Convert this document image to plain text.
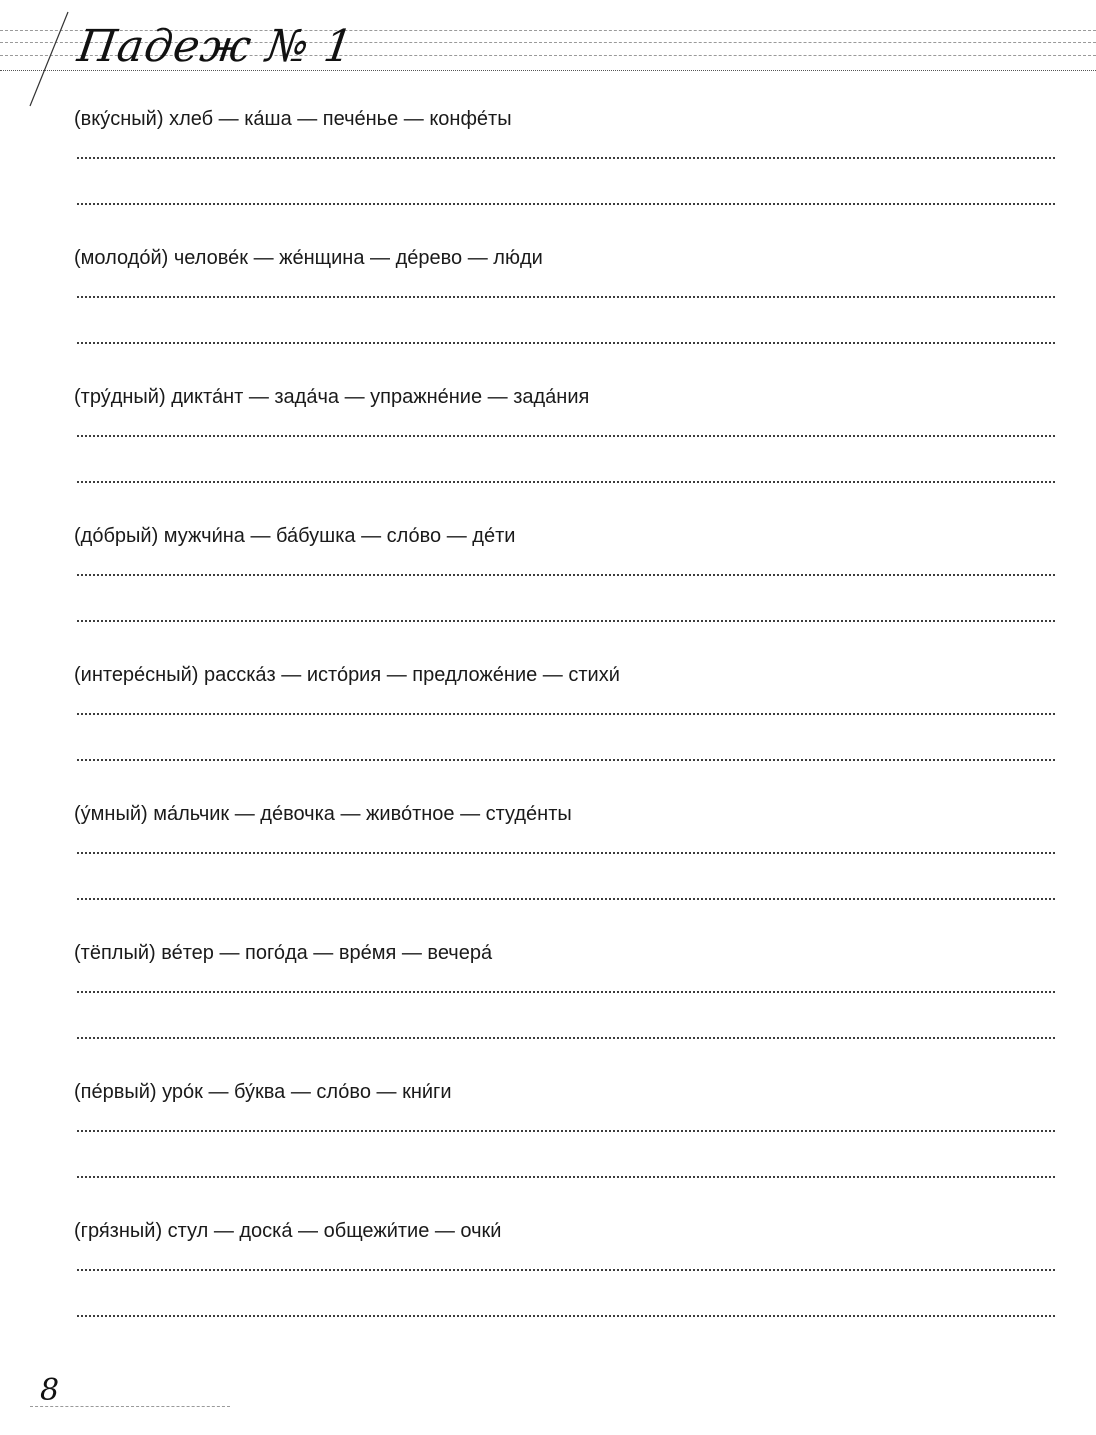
Падеж № 1
(вку́сный) хлеб — ка́ша — пече́нье — конфе́ты
(молодо́й) челове́к — же́нщина — де́рево — лю́ди
(тру́дный) дикта́нт — зада́ча — упражне́ние — зада́ния
(до́брый) мужчи́на — ба́бушка — сло́во — де́ти
(интере́сный) расска́з — исто́рия — предложе́ние — стихи́
(у́мный) ма́льчик — де́вочка — живо́тное — студе́нты
(тёплый) ве́тер — пого́да — вре́мя — вечера́
(пе́рвый) уро́к — бу́ква — сло́во — кни́ги
(гря́зный) стул — доска́ — общежи́тие — очки́
8
